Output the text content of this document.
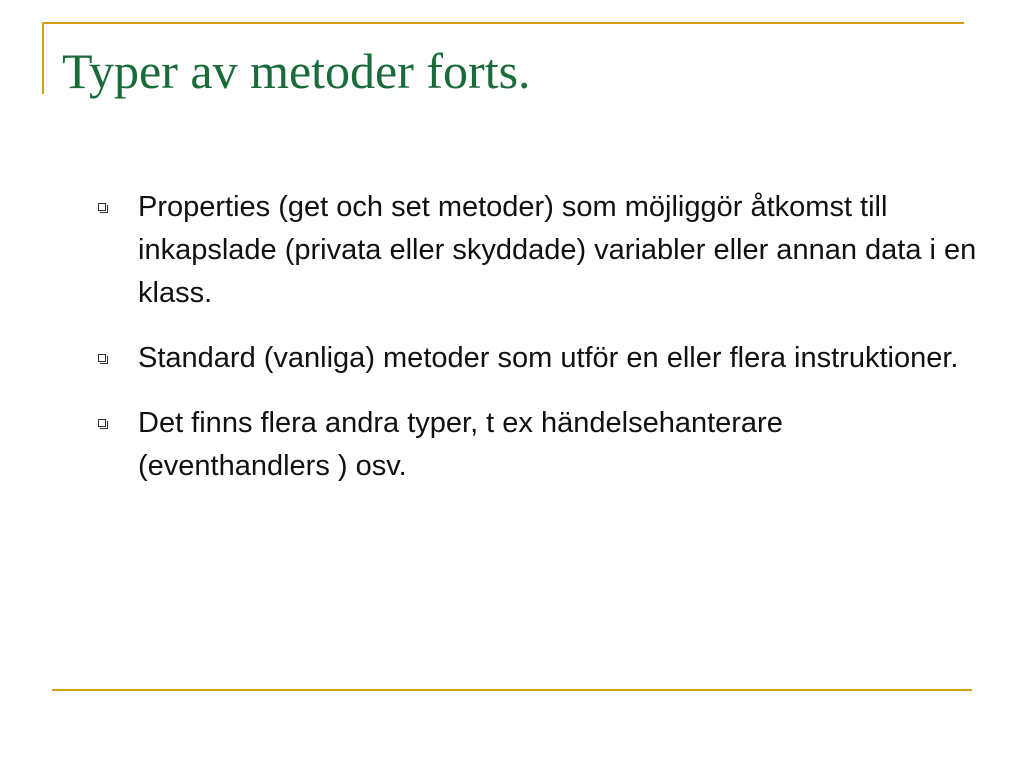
Typer av metoder forts.
Properties (get och set metoder) som möjliggör åtkomst till inkapslade (privata eller skyddade) variabler eller annan data i en klass.
Standard (vanliga) metoder som utför en eller flera instruktioner.
Det finns flera andra typer, t ex händelsehanterare (eventhandlers ) osv.
